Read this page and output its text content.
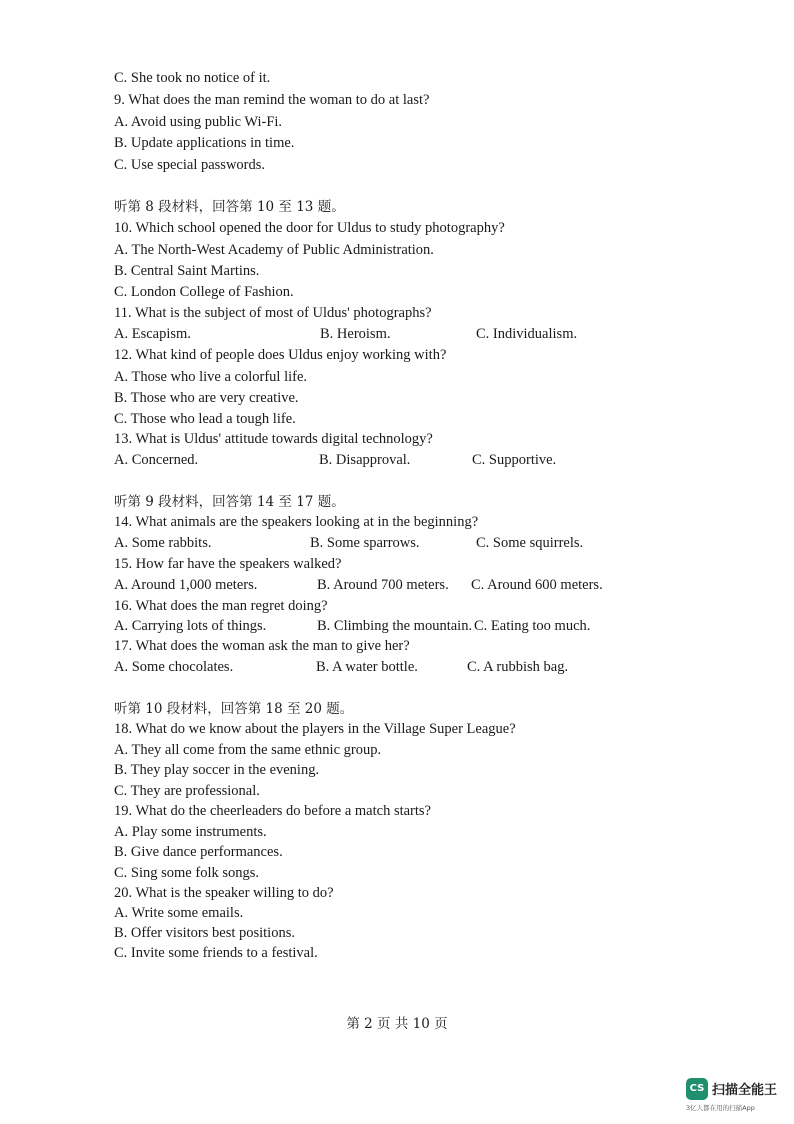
C. She took no notice of it.
9. What does the man remind the woman to do at last?
A. Avoid using public Wi-Fi.
B. Update applications in time.
C. Use special passwords.
听第 8 段材料，回答第 10 至 13 题。
10. Which school opened the door for Uldus to study photography?
A. The North-West Academy of Public Administration.
B. Central Saint Martins.
C. London College of Fashion.
11. What is the subject of most of Uldus' photographs?
A. Escapism.	B. Heroism.	C. Individualism.
12. What kind of people does Uldus enjoy working with?
A. Those who live a colorful life.
B. Those who are very creative.
C. Those who lead a tough life.
13. What is Uldus' attitude towards digital technology?
A. Concerned.	B. Disapproval.	C. Supportive.
听第 9 段材料，回答第 14 至 17 题。
14. What animals are the speakers looking at in the beginning?
A. Some rabbits.	B. Some sparrows.	C. Some squirrels.
15. How far have the speakers walked?
A. Around 1,000 meters.	B. Around 700 meters. C. Around 600 meters.
16. What does the man regret doing?
A. Carrying lots of things.	B. Climbing the mountain. C. Eating too much.
17. What does the woman ask the man to give her?
A. Some chocolates.	B. A water bottle.	C. A rubbish bag.
听第 10 段材料，回答第 18 至 20 题。
18. What do we know about the players in the Village Super League?
A. They all come from the same ethnic group.
B. They play soccer in the evening.
C. They are professional.
19. What do the cheerleaders do before a match starts?
A. Play some instruments.
B. Give dance performances.
C. Sing some folk songs.
20. What is the speaker willing to do?
A. Write some emails.
B. Offer visitors best positions.
C. Invite some friends to a festival.
第 2 页 共 10 页
CS 扫描全能王
3亿人都在用的扫描App
